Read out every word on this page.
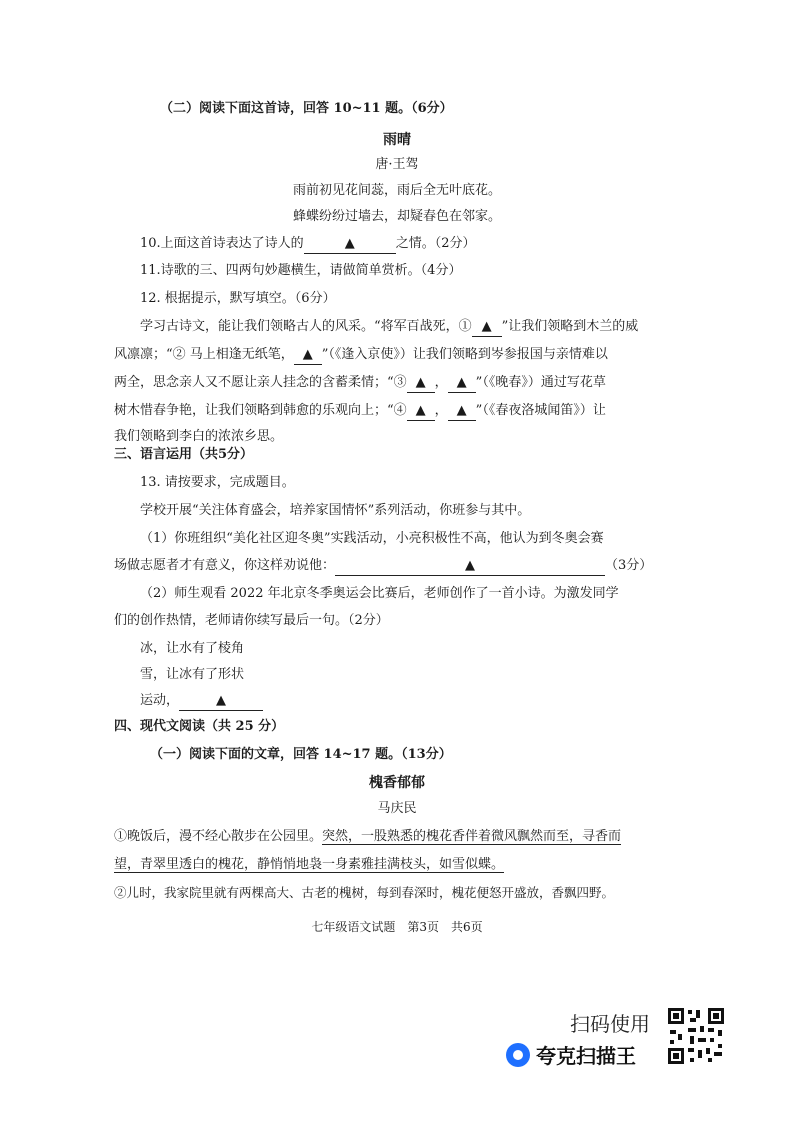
（二）阅读下面这首诗，回答 10~11 题。（6分）
雨晴
唐·王驾
雨前初见花间蕊，雨后全无叶底花。
蜂蝶纷纷过墙去，却疑春色在邻家。
10.上面这首诗表达了诗人的	▲	之情。（2分）
11.诗歌的三、四两句妙趣横生，请做简单赏析。（4分）
12. 根据提示，默写填空。（6分）
学习古诗文，能让我们领略古人的风采。“将军百战死，① ▲ ”让我们领略到木兰的威
风凛凛；“② 马上相逢无纸笔， ▲ ”（《逢入京使》）让我们领略到岑参报国与亲情难以
两全，思念亲人又不愿让亲人挂念的含蓄柔情；“③ ▲ ， ▲ ”（《晚春》）通过写花草
树木惜春争艳，让我们领略到韩愈的乐观向上；“④ ▲ ， ▲ ”（《春夜洛城闻笛》）让
我们领略到李白的浓浓乡思。
三、语言运用（共5分）
13. 请按要求，完成题目。
学校开展“关注体育盛会，培养家国情怀”系列活动，你班参与其中。
（1）你班组织“美化社区迎冬奥”实践活动，小亮积极性不高，他认为到冬奥会赛
场做志愿者才有意义，你这样劝说他：	▲	（3分）
（2）师生观看 2022 年北京冬季奥运会比赛后，老师创作了一首小诗。为激发同学
们的创作热情，老师请你续写最后一句。（2分）
冰，让水有了棱角
雪，让冰有了形状
运动，	▲
四、现代文阅读（共 25 分）
（一）阅读下面的文章，回答 14~17 题。（13分）
槐香郁郁
马庆民
①晚饭后，漫不经心散步在公园里。突然，一股熟悉的槐花香伴着微风飘然而至，寻香而
望，青翠里透白的槐花，静悄悄地袅一身素雅挂满枝头，如雪似蝶。
②儿时，我家院里就有两棵高大、古老的槐树，每到春深时，槐花便怒开盛放，香飘四野。
七年级语文试题　第3页　共6页
扫码使用
夸克扫描王
